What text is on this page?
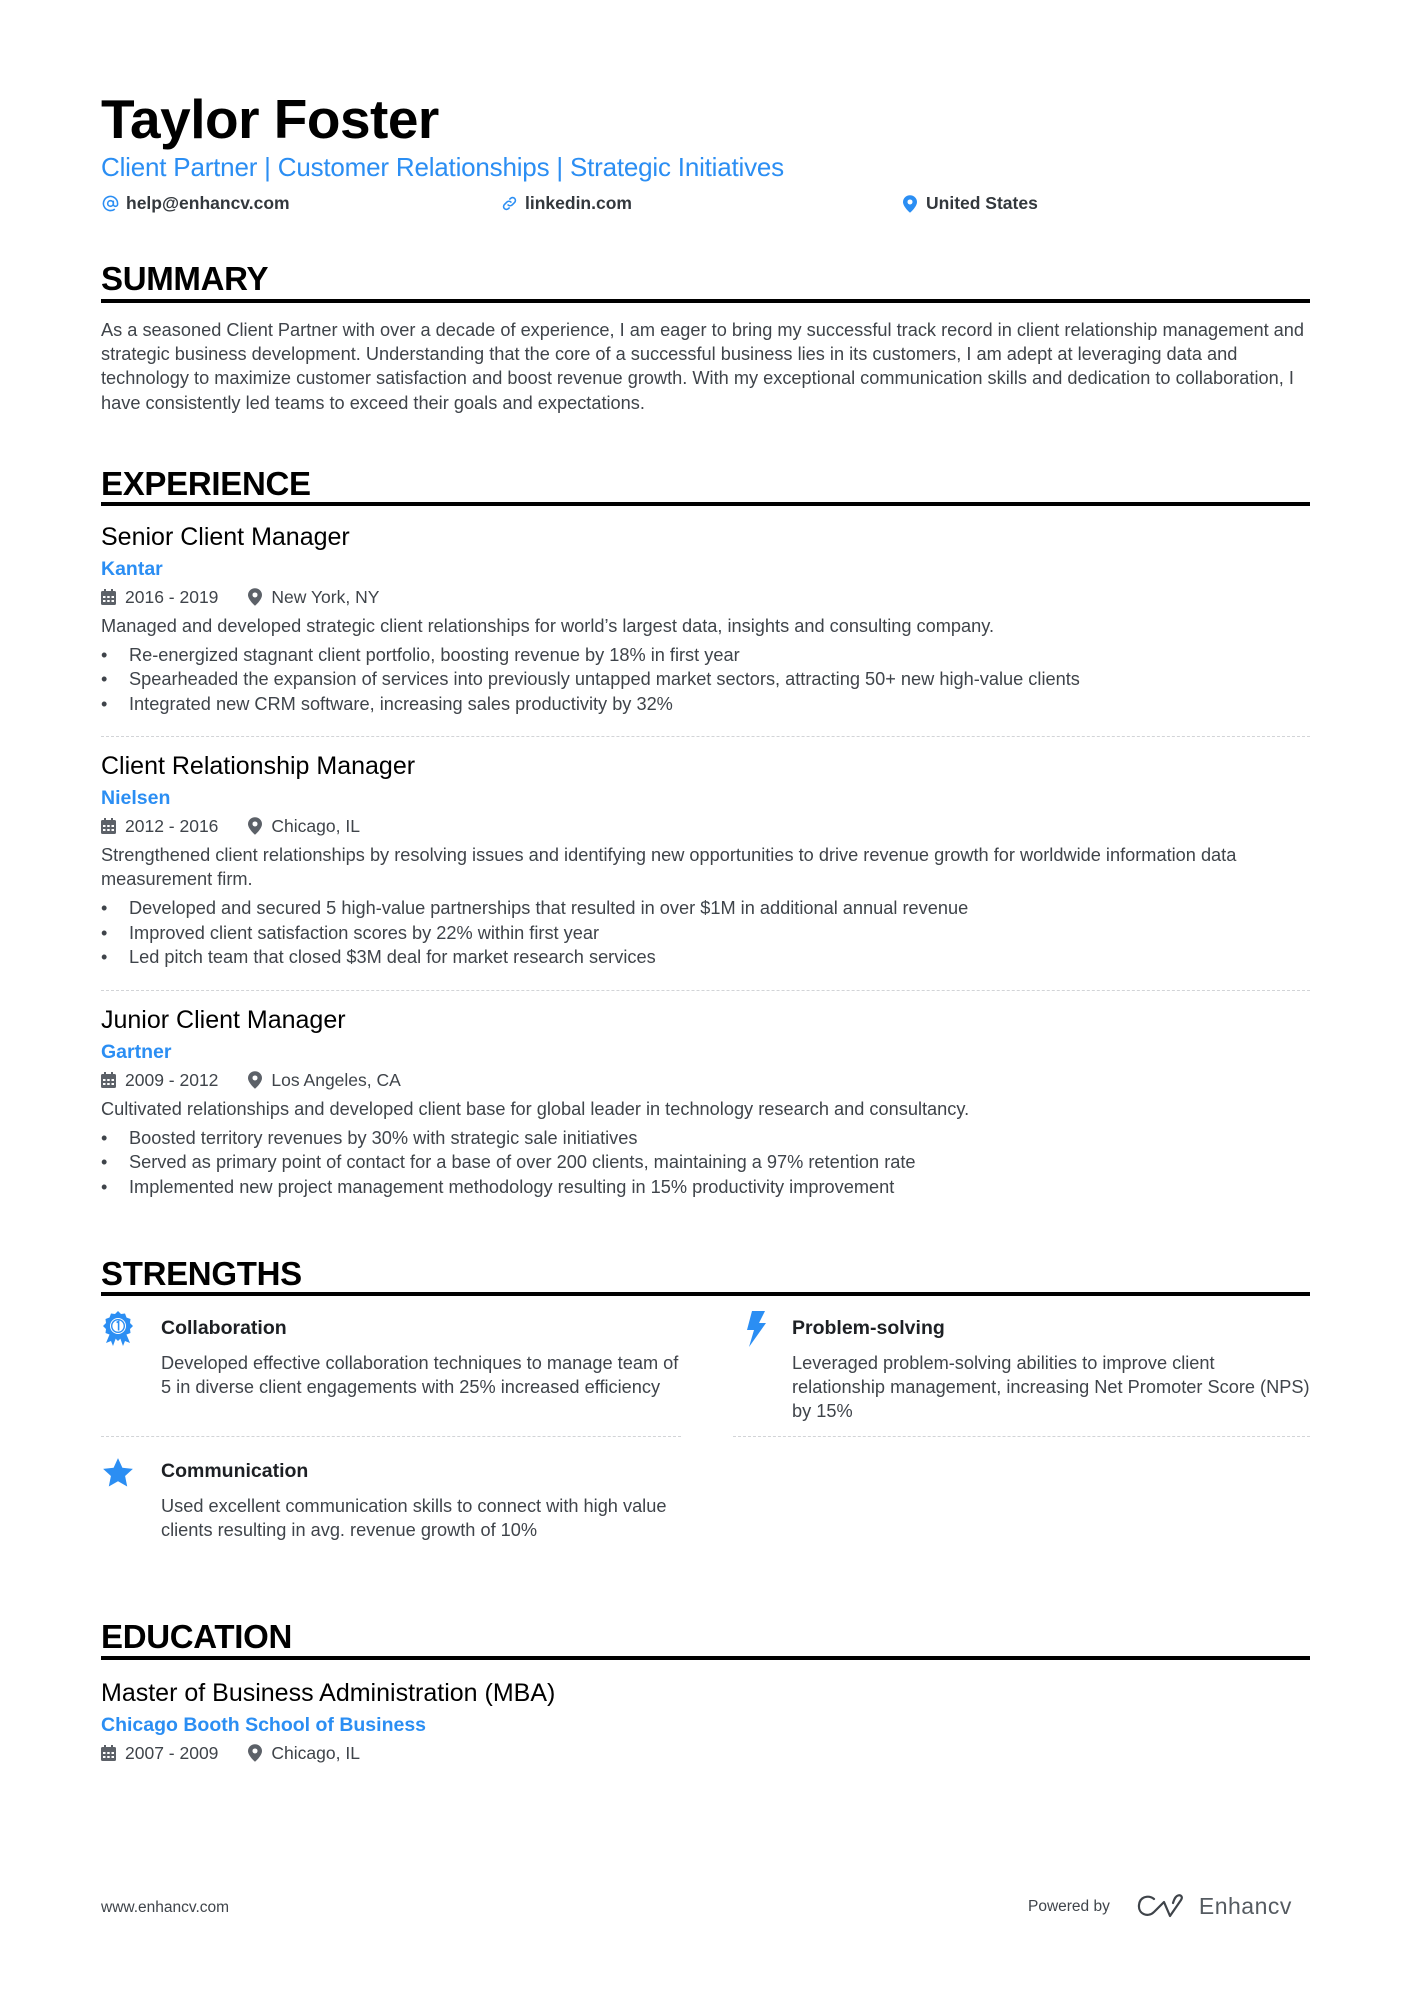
Taylor Foster
Client Partner | Customer Relationships | Strategic Initiatives
help@enhancv.com	linkedin.com	United States
SUMMARY
As a seasoned Client Partner with over a decade of experience, I am eager to bring my successful track record in client relationship management and strategic business development. Understanding that the core of a successful business lies in its customers, I am adept at leveraging data and technology to maximize customer satisfaction and boost revenue growth. With my exceptional communication skills and dedication to collaboration, I have consistently led teams to exceed their goals and expectations.
EXPERIENCE
Senior Client Manager
Kantar
2016 - 2019	New York, NY
Managed and developed strategic client relationships for world’s largest data, insights and consulting company.
• Re-energized stagnant client portfolio, boosting revenue by 18% in first year
• Spearheaded the expansion of services into previously untapped market sectors, attracting 50+ new high-value clients
• Integrated new CRM software, increasing sales productivity by 32%
Client Relationship Manager
Nielsen
2012 - 2016	Chicago, IL
Strengthened client relationships by resolving issues and identifying new opportunities to drive revenue growth for worldwide information data measurement firm.
• Developed and secured 5 high-value partnerships that resulted in over $1M in additional annual revenue
• Improved client satisfaction scores by 22% within first year
• Led pitch team that closed $3M deal for market research services
Junior Client Manager
Gartner
2009 - 2012	Los Angeles, CA
Cultivated relationships and developed client base for global leader in technology research and consultancy.
• Boosted territory revenues by 30% with strategic sale initiatives
• Served as primary point of contact for a base of over 200 clients, maintaining a 97% retention rate
• Implemented new project management methodology resulting in 15% productivity improvement
STRENGTHS
Collaboration
Developed effective collaboration techniques to manage team of 5 in diverse client engagements with 25% increased efficiency
Problem-solving
Leveraged problem-solving abilities to improve client relationship management, increasing Net Promoter Score (NPS) by 15%
Communication
Used excellent communication skills to connect with high value clients resulting in avg. revenue growth of 10%
EDUCATION
Master of Business Administration (MBA)
Chicago Booth School of Business
2007 - 2009	Chicago, IL
www.enhancv.com	Powered by	Enhancv
